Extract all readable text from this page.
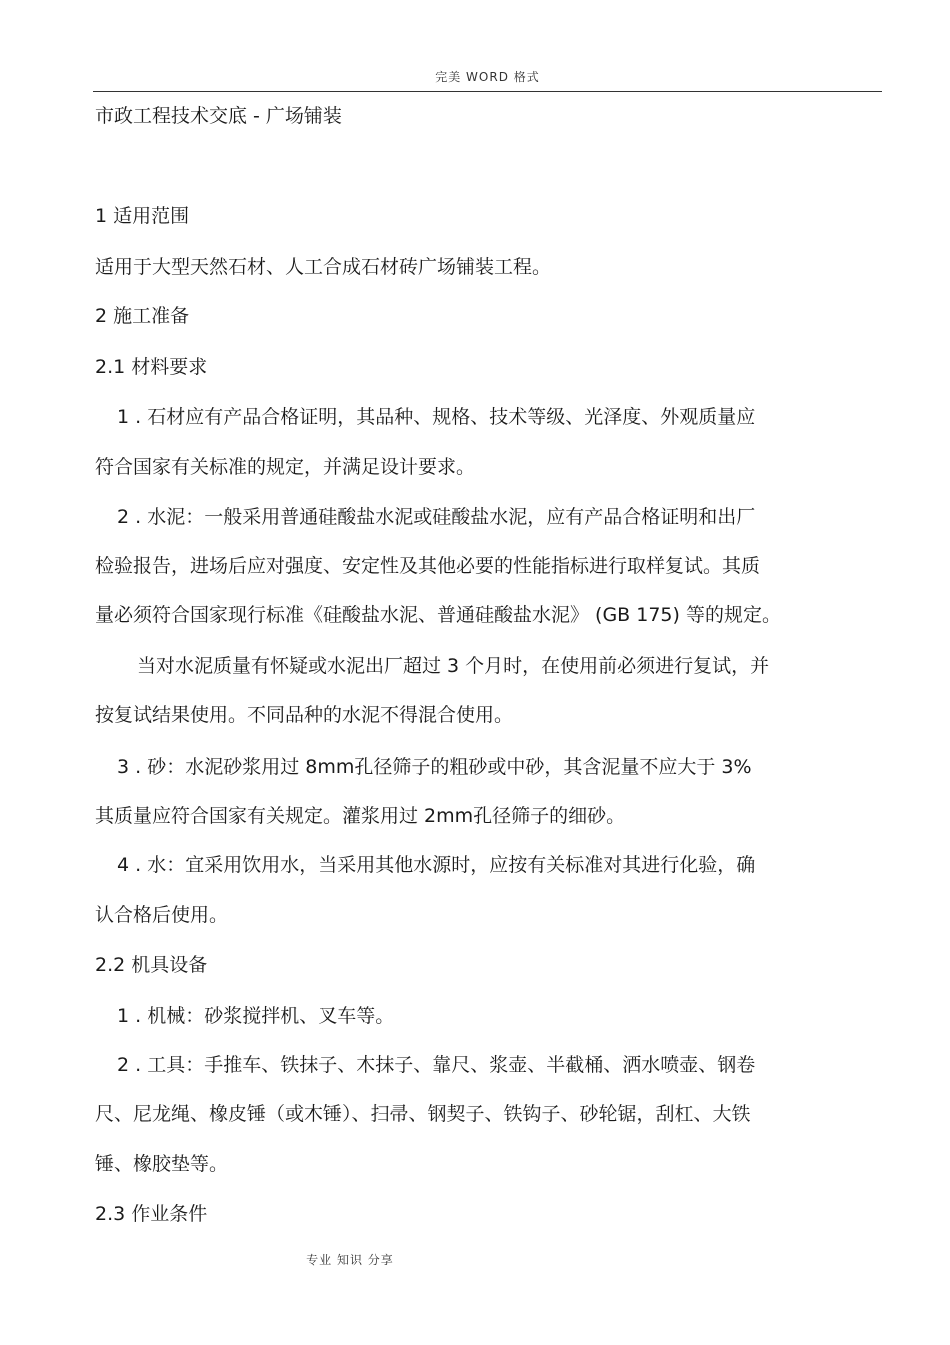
完美 WORD 格式
市政工程技术交底 - 广场铺装
1 适用范围
适用于大型天然石材、人工合成石材砖广场铺装工程。
2 施工准备
2.1 材料要求
1 . 石材应有产品合格证明，其品种、规格、技术等级、光泽度、外观质量应
符合国家有关标准的规定，并满足设计要求。
2 . 水泥：一般采用普通硅酸盐水泥或硅酸盐水泥，应有产品合格证明和出厂
检验报告，进场后应对强度、安定性及其他必要的性能指标进行取样复试。其质
量必须符合国家现行标准《硅酸盐水泥、普通硅酸盐水泥》 (GB 175) 等的规定。
当对水泥质量有怀疑或水泥出厂超过 3 个月时，在使用前必须进行复试，并
按复试结果使用。不同品种的水泥不得混合使用。
3 . 砂：水泥砂浆用过 8mm孔径筛子的粗砂或中砂，其含泥量不应大于 3%
其质量应符合国家有关规定。灌浆用过 2mm孔径筛子的细砂。
4 . 水：宜采用饮用水，当采用其他水源时，应按有关标准对其进行化验，确
认合格后使用。
2.2 机具设备
1 . 机械：砂浆搅拌机、叉车等。
2 . 工具：手推车、铁抹子、木抹子、靠尺、浆壶、半截桶、洒水喷壶、钢卷
尺、尼龙绳、橡皮锤（或木锤）、扫帚、钢契子、铁钩子、砂轮锯，刮杠、大铁
锤、橡胶垫等。
2.3 作业条件
专业 知识 分享
